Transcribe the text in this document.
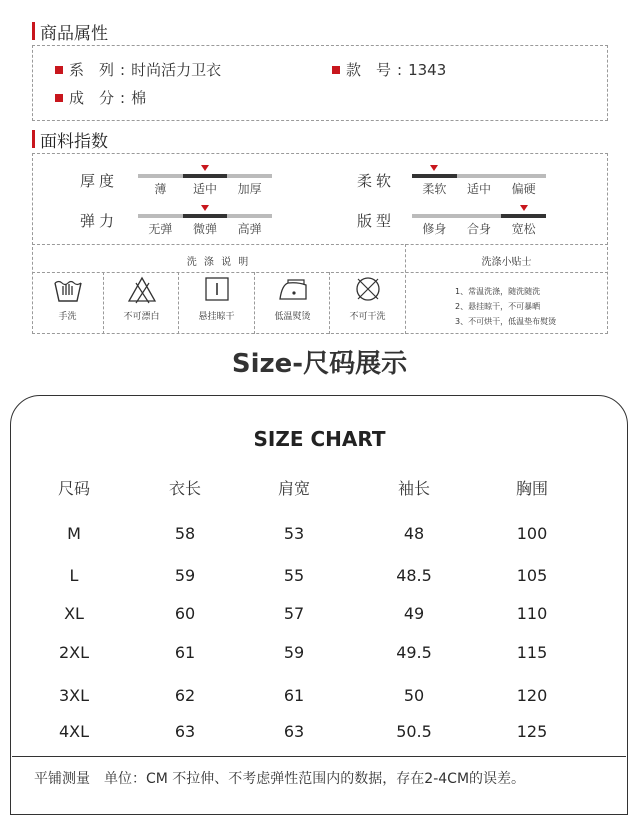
商品属性
系　列 : 时尚活力卫衣	款　号 : 1343
成　分 : 棉
面料指数
厚度	薄	适中	加厚
弹力	无弹	微弹	高弹
柔软	柔软	适中	偏硬
版型	修身	合身	宽松
洗 涤 说 明	洗涤小贴士
手洗	不可漂白	悬挂晾干	低温熨烫	不可干洗
1、常温洗涤，随洗随洗
2、悬挂晾干，不可暴晒
3、不可烘干，低温垫布熨烫
Size-尺码展示
SIZE CHART
尺码	衣长	肩宽	袖长	胸围
M	58	53	48	100
L	59	55	48.5	105
XL	60	57	49	110
2XL	61	59	49.5	115
3XL	62	61	50	120
4XL	63	63	50.5	125
平铺测量　单位：CM 不拉伸、不考虑弹性范围内的数据，存在2-4CM的误差。
